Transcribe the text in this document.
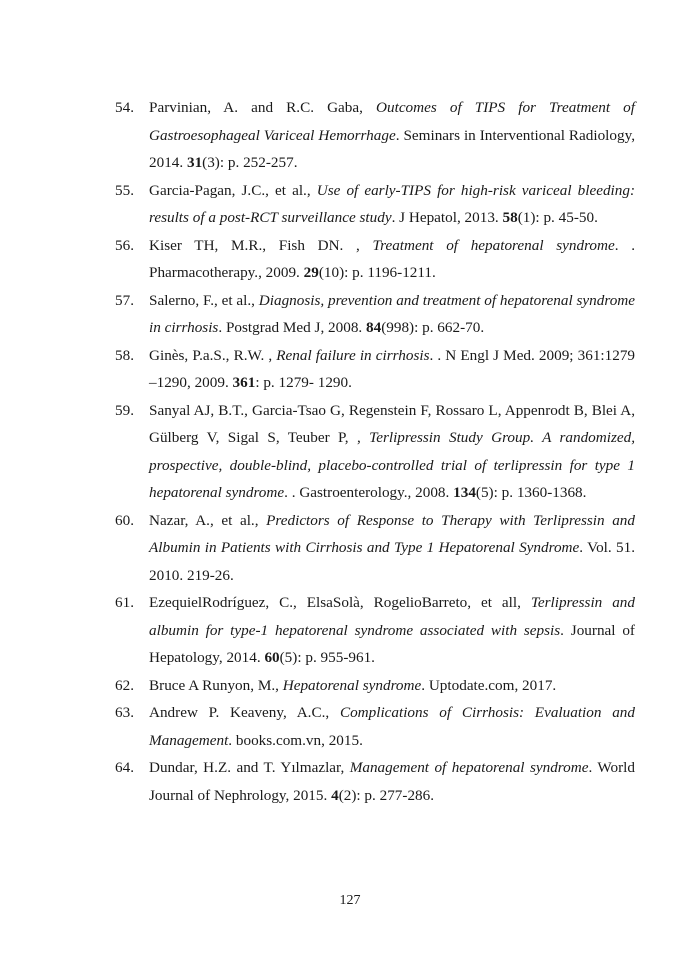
54. Parvinian, A. and R.C. Gaba, Outcomes of TIPS for Treatment of Gastroesophageal Variceal Hemorrhage. Seminars in Interventional Radiology, 2014. 31(3): p. 252-257.
55. Garcia-Pagan, J.C., et al., Use of early-TIPS for high-risk variceal bleeding: results of a post-RCT surveillance study. J Hepatol, 2013. 58(1): p. 45-50.
56. Kiser TH, M.R., Fish DN. , Treatment of hepatorenal syndrome. . Pharmacotherapy., 2009. 29(10): p. 1196-1211.
57. Salerno, F., et al., Diagnosis, prevention and treatment of hepatorenal syndrome in cirrhosis. Postgrad Med J, 2008. 84(998): p. 662-70.
58. Ginès, P.a.S., R.W. , Renal failure in cirrhosis. . N Engl J Med. 2009; 361:1279 –1290, 2009. 361: p. 1279- 1290.
59. Sanyal AJ, B.T., Garcia-Tsao G, Regenstein F, Rossaro L, Appenrodt B, Blei A, Gülberg V, Sigal S, Teuber P, , Terlipressin Study Group. A randomized, prospective, double-blind, placebo-controlled trial of terlipressin for type 1 hepatorenal syndrome. . Gastroenterology., 2008. 134(5): p. 1360-1368.
60. Nazar, A., et al., Predictors of Response to Therapy with Terlipressin and Albumin in Patients with Cirrhosis and Type 1 Hepatorenal Syndrome. Vol. 51. 2010. 219-26.
61. EzequielRodríguez, C., ElsaSolà, RogelioBarreto, et all, Terlipressin and albumin for type-1 hepatorenal syndrome associated with sepsis. Journal of Hepatology, 2014. 60(5): p. 955-961.
62. Bruce A Runyon, M., Hepatorenal syndrome. Uptodate.com, 2017.
63. Andrew P. Keaveny, A.C., Complications of Cirrhosis: Evaluation and Management. books.com.vn, 2015.
64. Dundar, H.Z. and T. Yılmazlar, Management of hepatorenal syndrome. World Journal of Nephrology, 2015. 4(2): p. 277-286.
127
